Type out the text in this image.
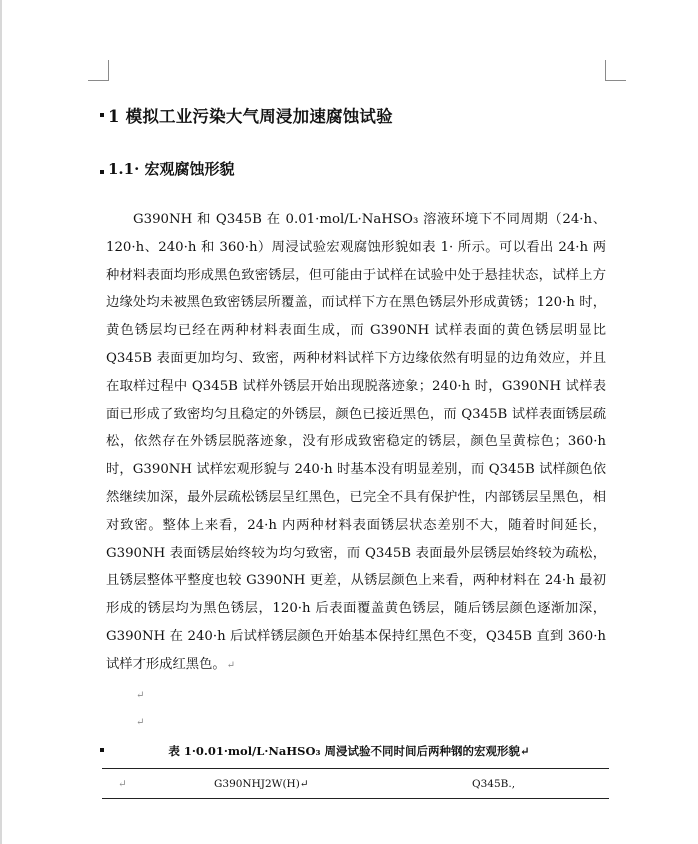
1 模拟工业污染大气周浸加速腐蚀试验
1.1· 宏观腐蚀形貌
G390NH 和 Q345B 在 0.01·mol/L·NaHSO₃ 溶液环境下不同周期（24·h、120·h、240·h 和 360·h）周浸试验宏观腐蚀形貌如表 1· 所示。可以看出 24·h 两种材料表面均形成黑色致密锈层，但可能由于试样在试验中处于悬挂状态，试样上方边缘处均未被黑色致密锈层所覆盖，而试样下方在黑色锈层外形成黄锈；120·h 时，黄色锈层均已经在两种材料表面生成，而 G390NH 试样表面的黄色锈层明显比 Q345B 表面更加均匀、致密，两种材料试样下方边缘依然有明显的边角效应，并且在取样过程中 Q345B 试样外锈层开始出现脱落迹象；240·h 时，G390NH 试样表面已形成了致密均匀且稳定的外锈层，颜色已接近黑色，而 Q345B 试样表面锈层疏松，依然存在外锈层脱落迹象，没有形成致密稳定的锈层，颜色呈黄棕色；360·h 时，G390NH 试样宏观形貌与 240·h 时基本没有明显差别，而 Q345B 试样颜色依然继续加深，最外层疏松锈层呈红黑色，已完全不具有保护性，内部锈层呈黑色，相对致密。整体上来看，24·h 内两种材料表面锈层状态差别不大，随着时间延长，G390NH 表面锈层始终较为均匀致密，而 Q345B 表面最外层锈层始终较为疏松，且锈层整体平整度也较 G390NH 更差，从锈层颜色上来看，两种材料在 24·h 最初形成的锈层均为黑色锈层，120·h 后表面覆盖黄色锈层，随后锈层颜色逐渐加深，G390NH 在 240·h 后试样锈层颜色开始基本保持红黑色不变，Q345B 直到 360·h 试样才形成红黑色。↵
↵
↵
表 1·0.01·mol/L·NaHSO₃ 周浸试验不同时间后两种钢的宏观形貌↵
↵	G390NHJ2W(H)↵	Q345B.,
